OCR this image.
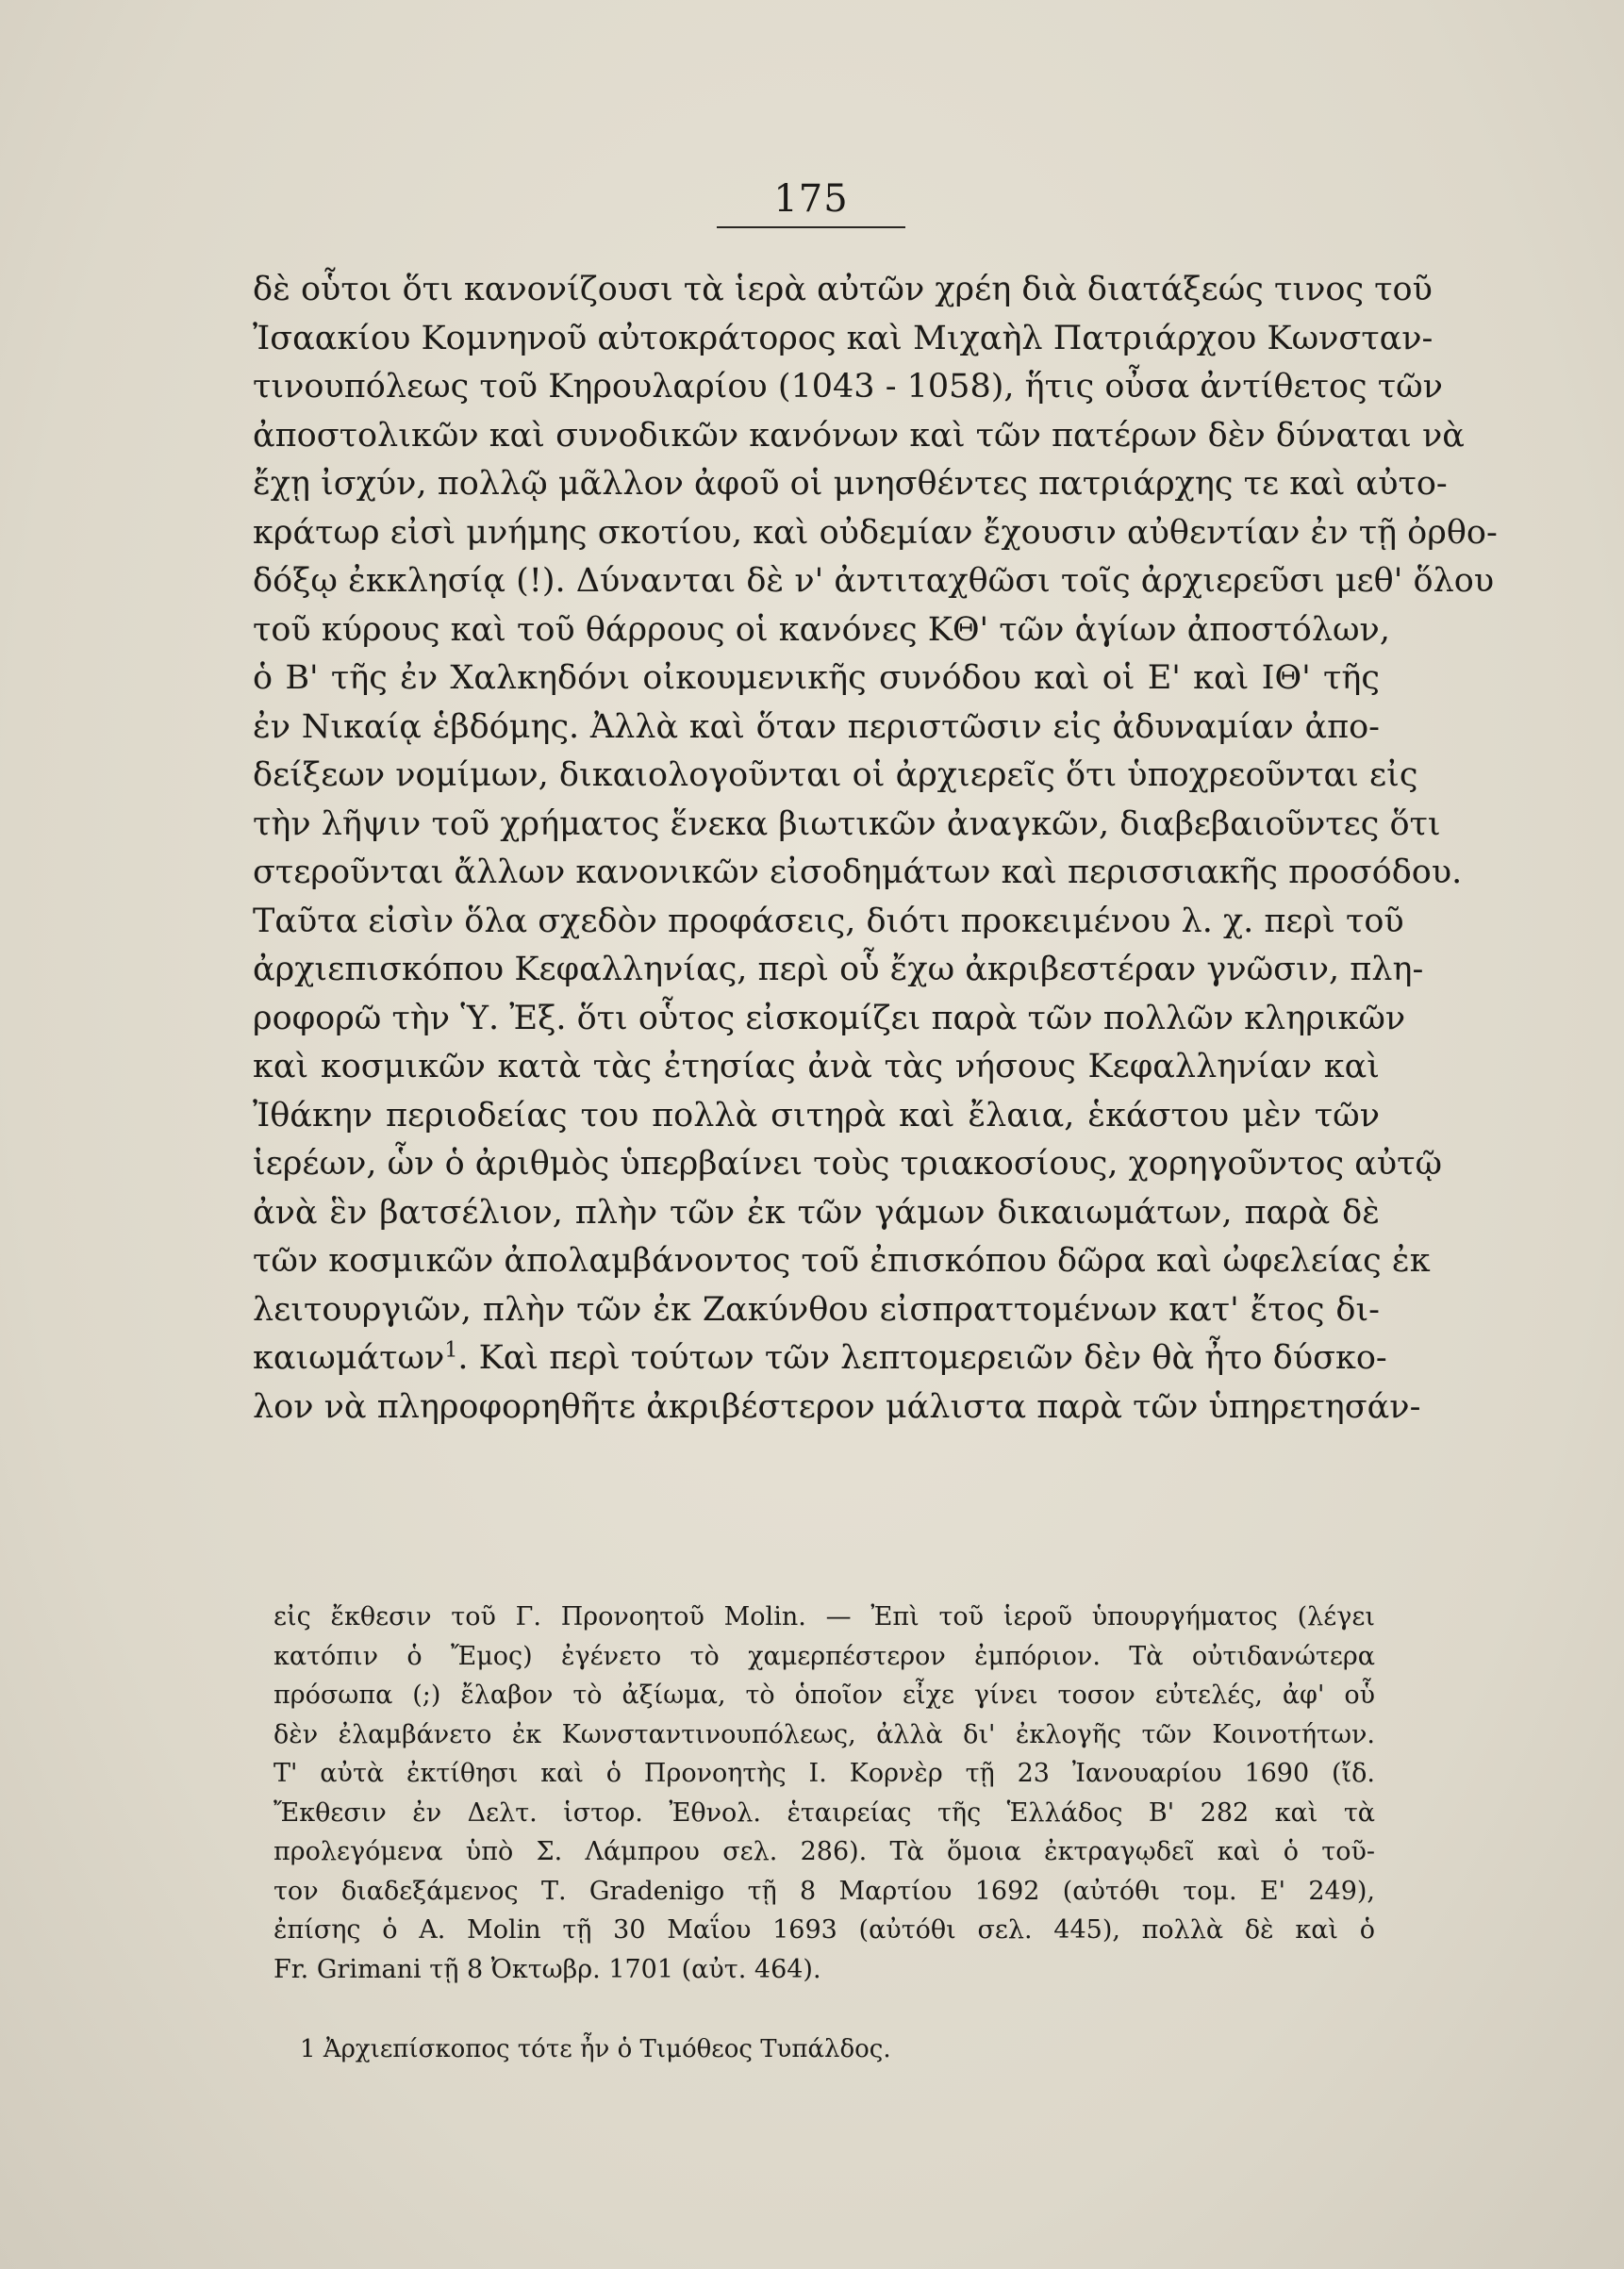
175
δὲ οὗτοι ὅτι κανονίζουσι τὰ ἱερὰ αὐτῶν χρέη διὰ διατάξεώς τινος τοῦ
Ἰσαακίου Κομνηνοῦ αὐτοκράτορος καὶ Μιχαὴλ Πατριάρχου Κωνσταν-
τινουπόλεως τοῦ Κηρουλαρίου (1043 - 1058), ἥτις οὖσα ἀντίθετος τῶν
ἀποστολικῶν καὶ συνοδικῶν κανόνων καὶ τῶν πατέρων δὲν δύναται νὰ
ἔχῃ ἰσχύν, πολλῷ μᾶλλον ἀφοῦ οἱ μνησθέντες πατριάρχης τε καὶ αὐτο-
κράτωρ εἰσὶ μνήμης σκοτίου, καὶ οὐδεμίαν ἔχουσιν αὐθεντίαν ἐν τῇ ὀρθο-
δόξῳ ἐκκλησίᾳ (!). Δύνανται δὲ ν' ἀντιταχθῶσι τοῖς ἀρχιερεῦσι μεθ' ὅλου
τοῦ κύρους καὶ τοῦ θάρρους οἱ κανόνες ΚΘ' τῶν ἁγίων ἀποστόλων,
ὁ Β' τῆς ἐν Χαλκηδόνι οἰκουμενικῆς συνόδου καὶ οἱ Ε' καὶ ΙΘ' τῆς
ἐν Νικαίᾳ ἑβδόμης. Ἀλλὰ καὶ ὅταν περιστῶσιν εἰς ἀδυναμίαν ἀπο-
δείξεων νομίμων, δικαιολογοῦνται οἱ ἀρχιερεῖς ὅτι ὑποχρεοῦνται εἰς
τὴν λῆψιν τοῦ χρήματος ἕνεκα βιωτικῶν ἀναγκῶν, διαβεβαιοῦντες ὅτι
στεροῦνται ἄλλων κανονικῶν εἰσοδημάτων καὶ περισσιακῆς προσόδου.
Ταῦτα εἰσὶν ὅλα σχεδὸν προφάσεις, διότι προκειμένου λ. χ. περὶ τοῦ
ἀρχιεπισκόπου Κεφαλληνίας, περὶ οὗ ἔχω ἀκριβεστέραν γνῶσιν, πλη-
ροφορῶ τὴν Ὑ. Ἐξ. ὅτι οὗτος εἰσκομίζει παρὰ τῶν πολλῶν κληρικῶν
καὶ κοσμικῶν κατὰ τὰς ἐτησίας ἀνὰ τὰς νήσους Κεφαλληνίαν καὶ
Ἰθάκην περιοδείας του πολλὰ σιτηρὰ καὶ ἔλαια, ἑκάστου μὲν τῶν
ἱερέων, ὧν ὁ ἀριθμὸς ὑπερβαίνει τοὺς τριακοσίους, χορηγοῦντος αὐτῷ
ἀνὰ ἓν βατσέλιον, πλὴν τῶν ἐκ τῶν γάμων δικαιωμάτων, παρὰ δὲ
τῶν κοσμικῶν ἀπολαμβάνοντος τοῦ ἐπισκόπου δῶρα καὶ ὠφελείας ἐκ
λειτουργιῶν, πλὴν τῶν ἐκ Ζακύνθου εἰσπραττομένων κατ' ἔτος δι-
καιωμάτων$^1$. Καὶ περὶ τούτων τῶν λεπτομερειῶν δὲν θὰ ἦτο δύσκο-
λον νὰ πληροφορηθῆτε ἀκριβέστερον μάλιστα παρὰ τῶν ὑπηρετησάν-
εἰς ἔκθεσιν τοῦ Γ. Προνοητοῦ Molin. — Ἐπὶ τοῦ ἱεροῦ ὑπουργήματος (λέγει
κατόπιν ὁ Ἔμος) ἐγένετο τὸ χαμερπέστερον ἐμπόριον. Τὰ οὐτιδανώτερα
πρόσωπα (;) ἔλαβον τὸ ἀξίωμα, τὸ ὁποῖον εἶχε γίνει τοσον εὐτελές, ἀφ' οὗ
δὲν ἐλαμβάνετο ἐκ Κωνσταντινουπόλεως, ἀλλὰ δι' ἐκλογῆς τῶν Κοινοτήτων.
Τ' αὐτὰ ἐκτίθησι καὶ ὁ Προνοητὴς Ι. Κορνὲρ τῇ 23 Ἰανουαρίου 1690 (ἴδ.
Ἔκθεσιν ἐν Δελτ. ἱστορ. Ἐθνολ. ἑταιρείας τῆς Ἑλλάδος Β' 282 καὶ τὰ
προλεγόμενα ὑπὸ Σ. Λάμπρου σελ. 286). Τὰ ὅμοια ἐκτραγῳδεῖ καὶ ὁ τοῦ-
τον διαδεξάμενος Τ. Gradenigo τῇ 8 Μαρτίου 1692 (αὐτόθι τομ. Ε' 249),
ἐπίσης ὁ Α. Molin τῇ 30 Μαΐου 1693 (αὐτόθι σελ. 445), πολλὰ δὲ καὶ ὁ
Fr. Grimani τῇ 8 Ὀκτωβρ. 1701 (αὐτ. 464).
1 Ἀρχιεπίσκοπος τότε ἦν ὁ Τιμόθεος Τυπάλδος.
